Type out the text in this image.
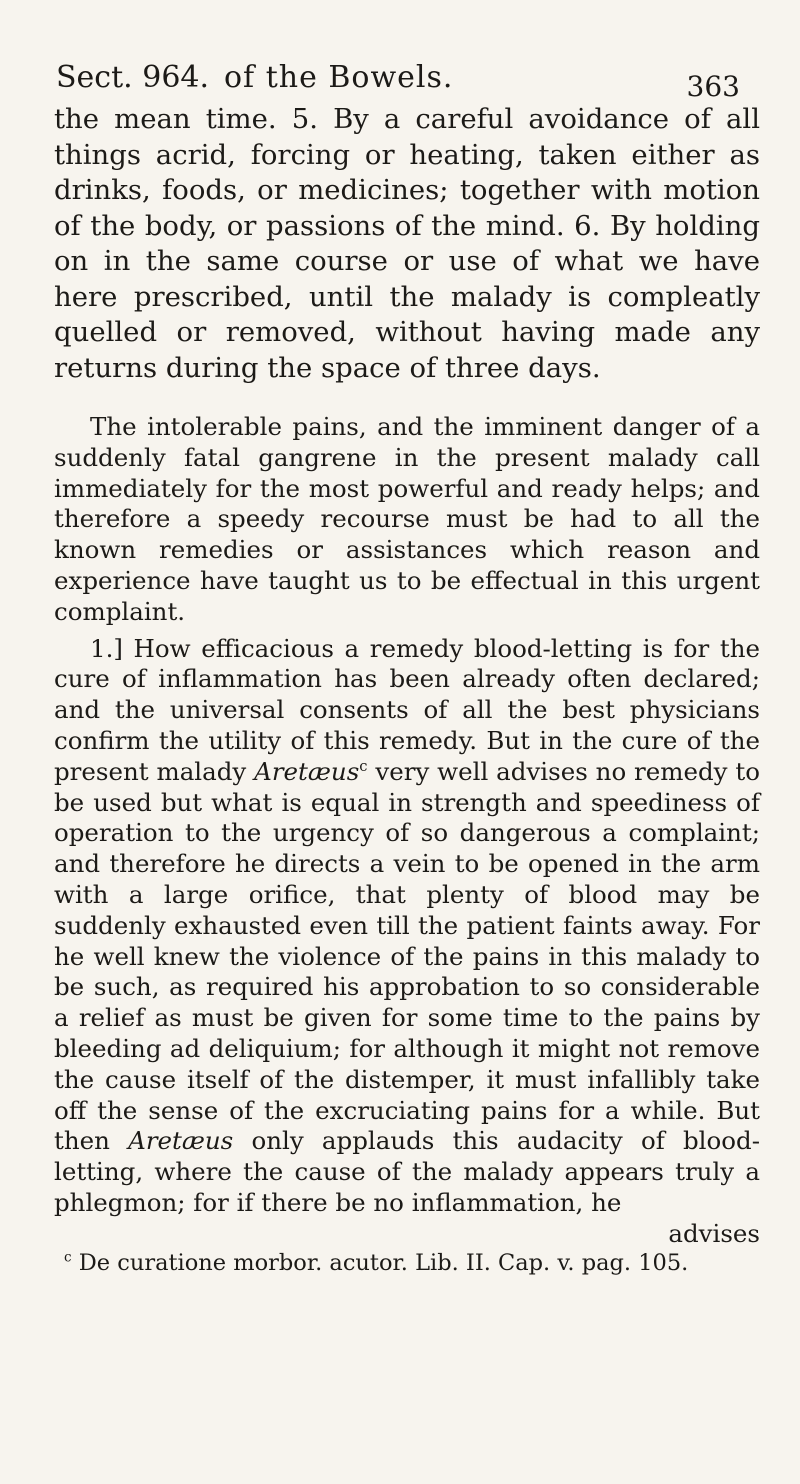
Sect. 964. of the Bowels.	363

the mean time. 5. By a careful avoidance of all things acrid, forcing or heating, taken either as drinks, foods, or medicines; together with motion of the body, or passions of the mind. 6. By holding on in the same course or use of what we have here prescribed, until the malady is compleatly quelled or removed, without having made any returns during the space of three days.

The intolerable pains, and the imminent danger of a suddenly fatal gangrene in the present malady call immediately for the most powerful and ready helps; and therefore a speedy recourse must be had to all the known remedies or assistances which reason and experience have taught us to be effectual in this urgent complaint.

1.] How efficacious a remedy blood-letting is for the cure of inflammation has been already often declared; and the universal consents of all the best physicians confirm the utility of this remedy. But in the cure of the present malady Aretæus$^c$ very well advises no remedy to be used but what is equal in strength and speediness of operation to the urgency of so dangerous a complaint; and therefore he directs a vein to be opened in the arm with a large orifice, that plenty of blood may be suddenly exhausted even till the patient faints away. For he well knew the violence of the pains in this malady to be such, as required his approbation to so considerable a relief as must be given for some time to the pains by bleeding ad deliquium; for although it might not remove the cause itself of the distemper, it must infallibly take off the sense of the excruciating pains for a while. But then Aretæus only applauds this audacity of blood-letting, where the cause of the malady appears truly a phlegmon; for if there be no inflammation, he

advises

$^c$ De curatione morbor. acutor. Lib. II. Cap. v. pag. 105.
